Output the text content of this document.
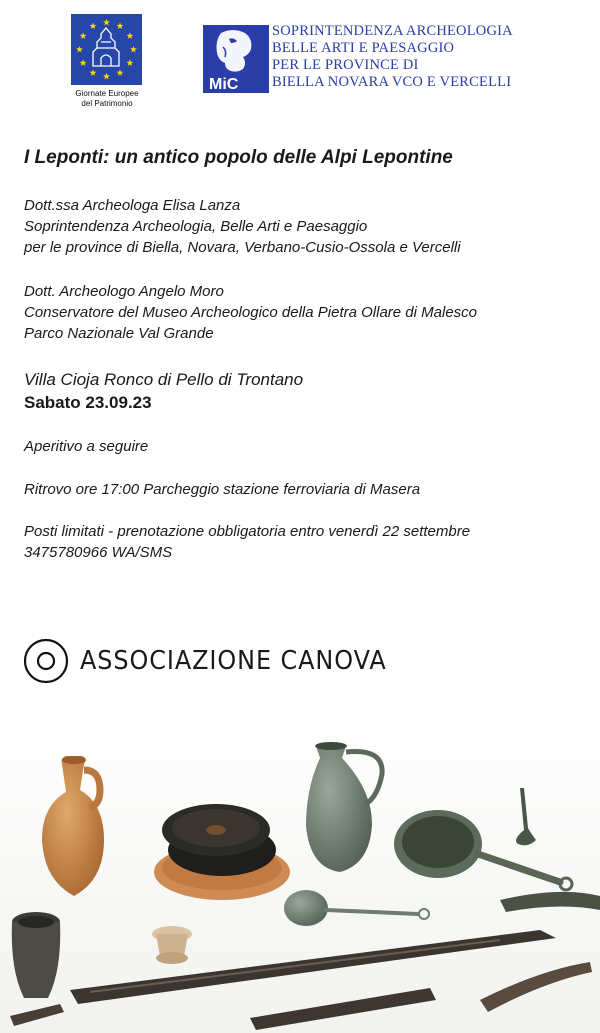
Giornate Europee
del Patrimonio
MiC
SOPRINTENDENZA ARCHEOLOGIA
BELLE ARTI E PAESAGGIO
PER LE PROVINCE DI
BIELLA NOVARA VCO E VERCELLI
I Leponti: un antico popolo delle Alpi Lepontine
Dott.ssa Archeologa Elisa Lanza
Soprintendenza Archeologia, Belle Arti e Paesaggio
per le province di Biella, Novara, Verbano-Cusio-Ossola e Vercelli
Dott. Archeologo Angelo Moro
Conservatore del Museo Archeologico della Pietra Ollare di Malesco
Parco Nazionale Val Grande
Villa Cioja Ronco di Pello di Trontano
Sabato 23.09.23
Aperitivo a seguire
Ritrovo ore 17:00 Parcheggio stazione ferroviaria di Masera
Posti limitati - prenotazione obbligatoria entro venerdì 22 settembre
3475780966 WA/SMS
ASSOCIAZIONE CANOVA
